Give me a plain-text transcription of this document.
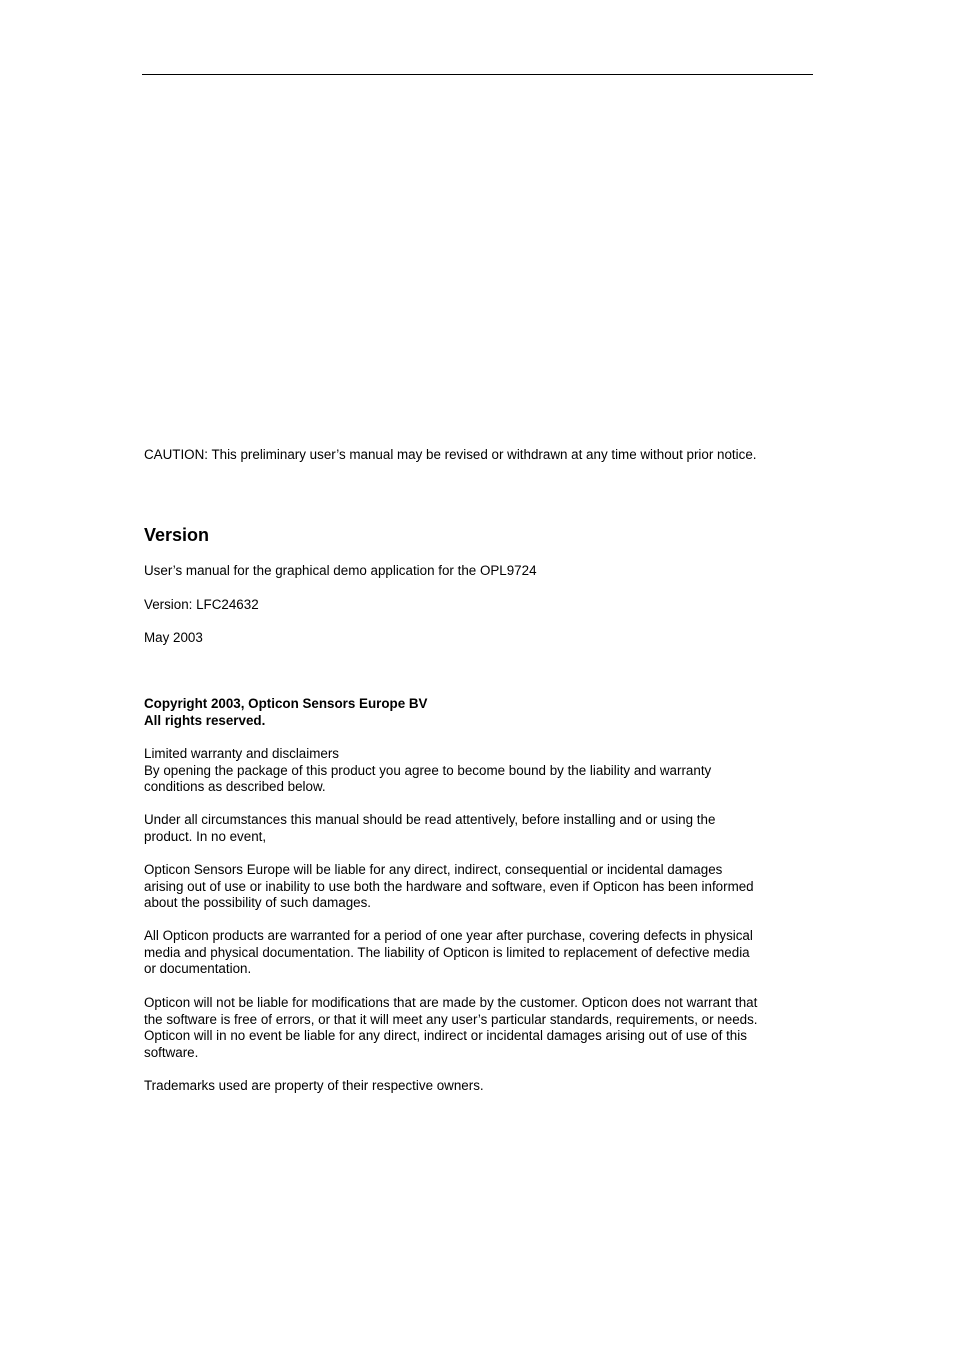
CAUTION: This preliminary user’s manual may be revised or withdrawn at any time without prior notice.
Version
User’s manual for the graphical demo application for the OPL9724
Version: LFC24632
May 2003
Copyright 2003, Opticon Sensors Europe BV
All rights reserved.
Limited warranty and disclaimers
By opening the package of this product you agree to become bound by the liability and warranty
conditions as described below.
Under all circumstances this manual should be read attentively, before installing and or using the
product. In no event,
Opticon Sensors Europe will be liable for any direct, indirect, consequential or incidental damages
arising out of use or inability to use both the hardware and software, even if Opticon has been informed
about the possibility of such damages.
All Opticon products are warranted for a period of one year after purchase, covering defects in physical
media and physical documentation. The liability of Opticon is limited to replacement of defective media
or documentation.
Opticon will not be liable for modifications that are made by the customer. Opticon does not warrant that
the software is free of errors, or that it will meet any user’s particular standards, requirements, or needs.
Opticon will in no event be liable for any direct, indirect or incidental damages arising out of use of this
software.
Trademarks used are property of their respective owners.
